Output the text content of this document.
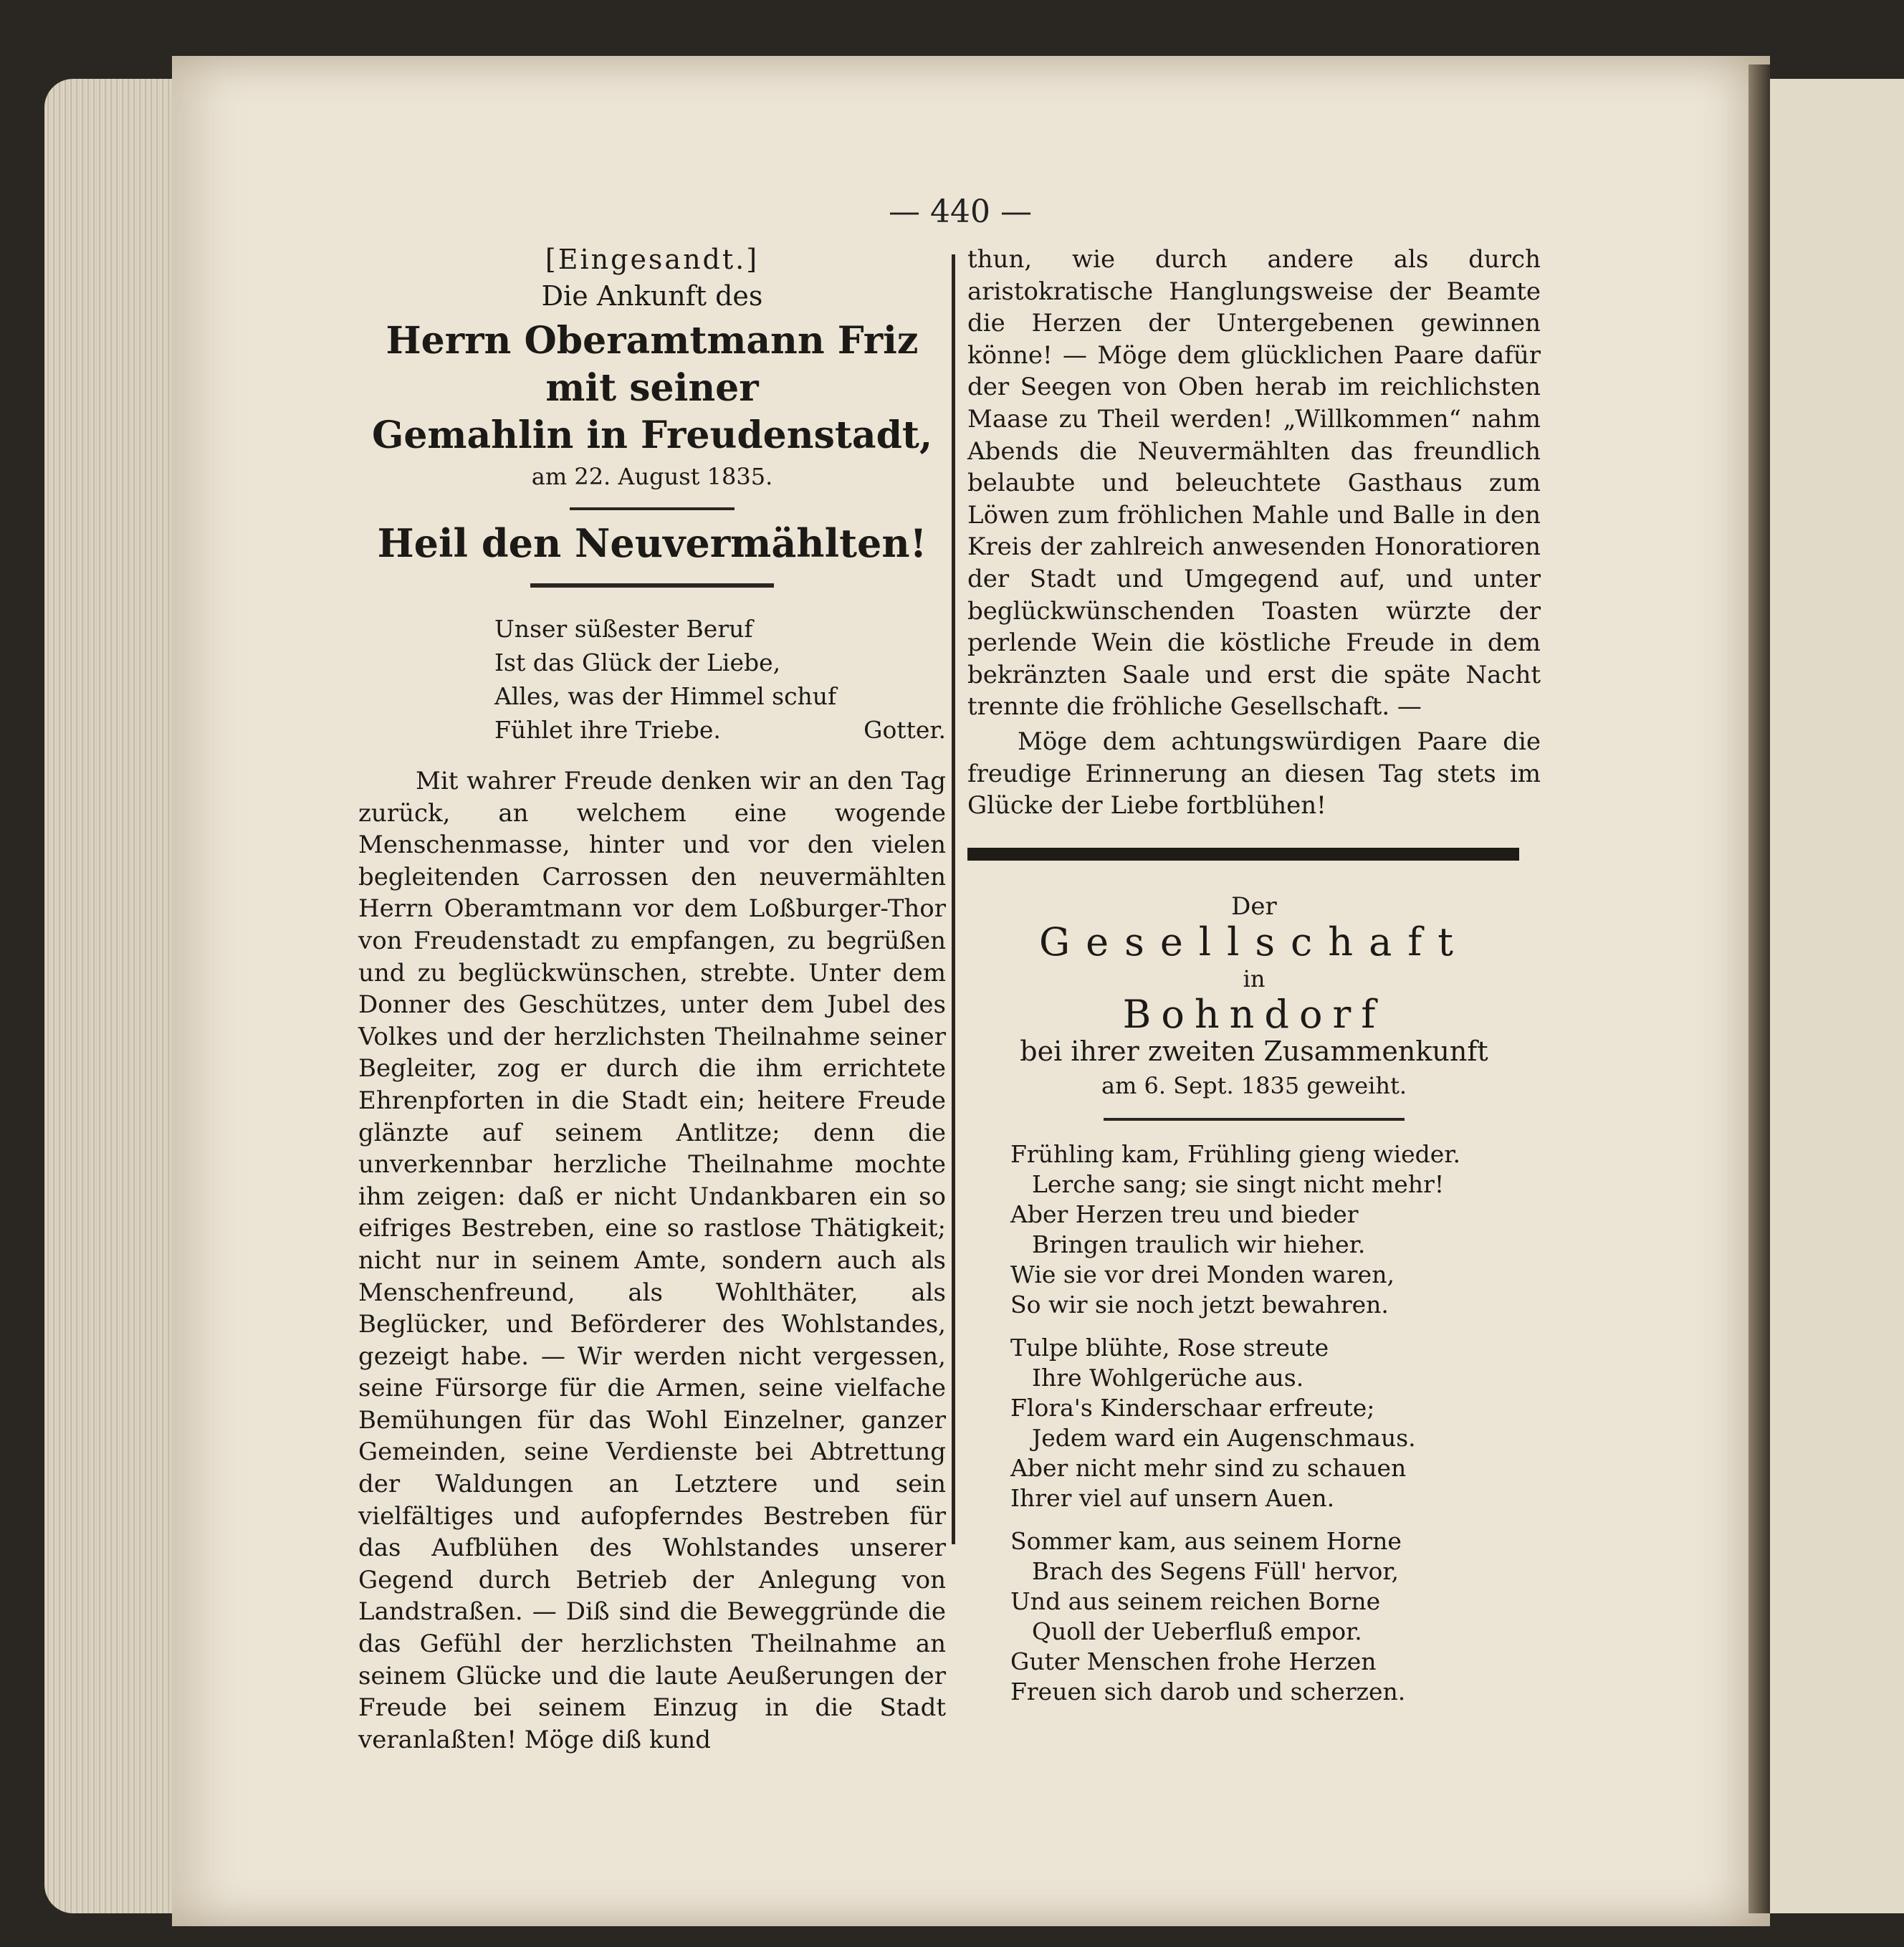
— 440 —
[Eingesandt.]
Die Ankunft des
Herrn Oberamtmann Friz mit seiner
Gemahlin in Freudenstadt,
am 22. August 1835.
Heil den Neuvermählten!
Unser süßester Beruf
Ist das Glück der Liebe,
Alles, was der Himmel schuf
Fühlet ihre Triebe.	Gotter.

Mit wahrer Freude denken wir an den Tag zurück, an welchem eine wogende Menschenmasse, hinter und vor den vielen begleitenden Carrossen den neuvermählten Herrn Oberamtmann vor dem Loßburger-Thor von Freudenstadt zu empfangen, zu begrüßen und zu beglückwünschen, strebte. Unter dem Donner des Geschützes, unter dem Jubel des Volkes und der herzlichsten Theilnahme seiner Begleiter, zog er durch die ihm errichtete Ehrenpforten in die Stadt ein; heitere Freude glänzte auf seinem Antlitze; denn die unverkennbar herzliche Theilnahme mochte ihm zeigen: daß er nicht Undankbaren ein so eifriges Bestreben, eine so rastlose Thätigkeit; nicht nur in seinem Amte, sondern auch als Menschenfreund, als Wohlthäter, als Beglücker, und Beförderer des Wohlstandes, gezeigt habe. — Wir werden nicht vergessen, seine Fürsorge für die Armen, seine vielfache Bemühungen für das Wohl Einzelner, ganzer Gemeinden, seine Verdienste bei Abtrettung der Waldungen an Letztere und sein vielfältiges und aufopferndes Bestreben für das Aufblühen des Wohlstandes unserer Gegend durch Betrieb der Anlegung von Landstraßen. — Diß sind die Beweggründe die das Gefühl der herzlichsten Theilnahme an seinem Glücke und die laute Aeußerungen der Freude bei seinem Einzug in die Stadt veranlaßten! Möge diß kund

thun, wie durch andere als durch aristokratische Hanglungsweise der Beamte die Herzen der Untergebenen gewinnen könne! — Möge dem glücklichen Paare dafür der Seegen von Oben herab im reichlichsten Maase zu Theil werden! „Willkommen“ nahm Abends die Neuvermählten das freundlich belaubte und beleuchtete Gasthaus zum Löwen zum fröhlichen Mahle und Balle in den Kreis der zahlreich anwesenden Honoratioren der Stadt und Umgegend auf, und unter beglückwünschenden Toasten würzte der perlende Wein die köstliche Freude in dem bekränzten Saale und erst die späte Nacht trennte die fröhliche Gesellschaft. —

Möge dem achtungswürdigen Paare die freudige Erinnerung an diesen Tag stets im Glücke der Liebe fortblühen!

Der
Gesellschaft
in
Bohndorf
bei ihrer zweiten Zusammenkunft
am 6. Sept. 1835 geweiht.
Frühling kam, Frühling gieng wieder.
Lerche sang; sie singt nicht mehr!
Aber Herzen treu und bieder
Bringen traulich wir hieher.
Wie sie vor drei Monden waren,
So wir sie noch jetzt bewahren.
Tulpe blühte, Rose streute
Ihre Wohlgerüche aus.
Flora's Kinderschaar erfreute;
Jedem ward ein Augenschmaus.
Aber nicht mehr sind zu schauen
Ihrer viel auf unsern Auen.
Sommer kam, aus seinem Horne
Brach des Segens Füll' hervor,
Und aus seinem reichen Borne
Quoll der Ueberfluß empor.
Guter Menschen frohe Herzen
Freuen sich darob und scherzen.
